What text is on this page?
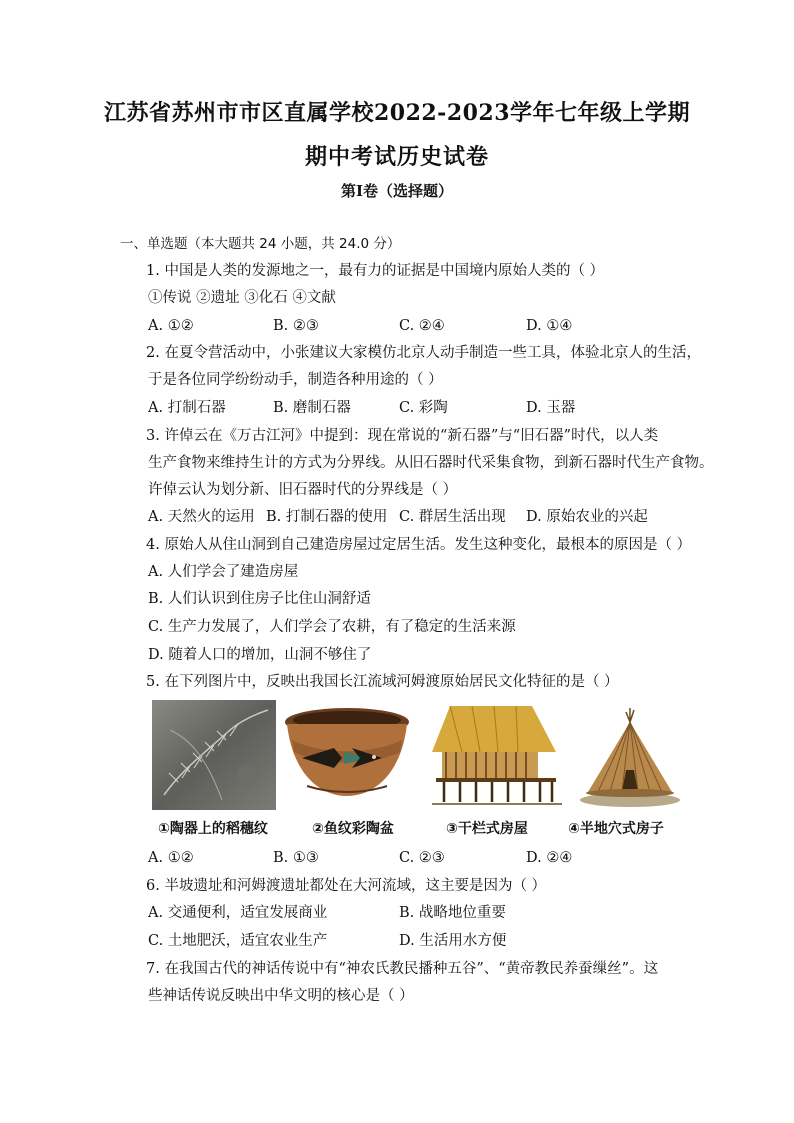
江苏省苏州市市区直属学校2022-2023学年七年级上学期
期中考试历史试卷
第I卷（选择题）
一、单选题（本大题共 24 小题，共 24.0 分）
1. 中国是人类的发源地之一，最有力的证据是中国境内原始人类的（ ）
①传说 ②遗址 ③化石 ④文献
A. ①②	B. ②③	C. ②④	D. ①④
2. 在夏令营活动中，小张建议大家模仿北京人动手制造一些工具，体验北京人的生活，
于是各位同学纷纷动手，制造各种用途的（ ）
A. 打制石器	B. 磨制石器	C. 彩陶	D. 玉器
3. 许倬云在《万古江河》中提到：现在常说的“新石器”与“旧石器”时代，以人类
生产食物来维持生计的方式为分界线。从旧石器时代采集食物，到新石器时代生产食物。
许倬云认为划分新、旧石器时代的分界线是（ ）
A. 天然火的运用 B. 打制石器的使用 C. 群居生活出现 D. 原始农业的兴起
4. 原始人从住山洞到自己建造房屋过定居生活。发生这种变化，最根本的原因是（ ）
A. 人们学会了建造房屋
B. 人们认识到住房子比住山洞舒适
C. 生产力发展了，人们学会了农耕，有了稳定的生活来源
D. 随着人口的增加，山洞不够住了
5. 在下列图片中，反映出我国长江流域河姆渡原始居民文化特征的是（ ）
①陶器上的稻穗纹	②鱼纹彩陶盆	③干栏式房屋	④半地穴式房子
A. ①②	B. ①③	C. ②③	D. ②④
6. 半坡遗址和河姆渡遗址都处在大河流域，这主要是因为（ ）
A. 交通便利，适宜发展商业	B. 战略地位重要
C. 土地肥沃，适宜农业生产	D. 生活用水方便
7. 在我国古代的神话传说中有“神农氏教民播种五谷”、“黄帝教民养蚕缫丝”。这
些神话传说反映出中华文明的核心是（ ）
